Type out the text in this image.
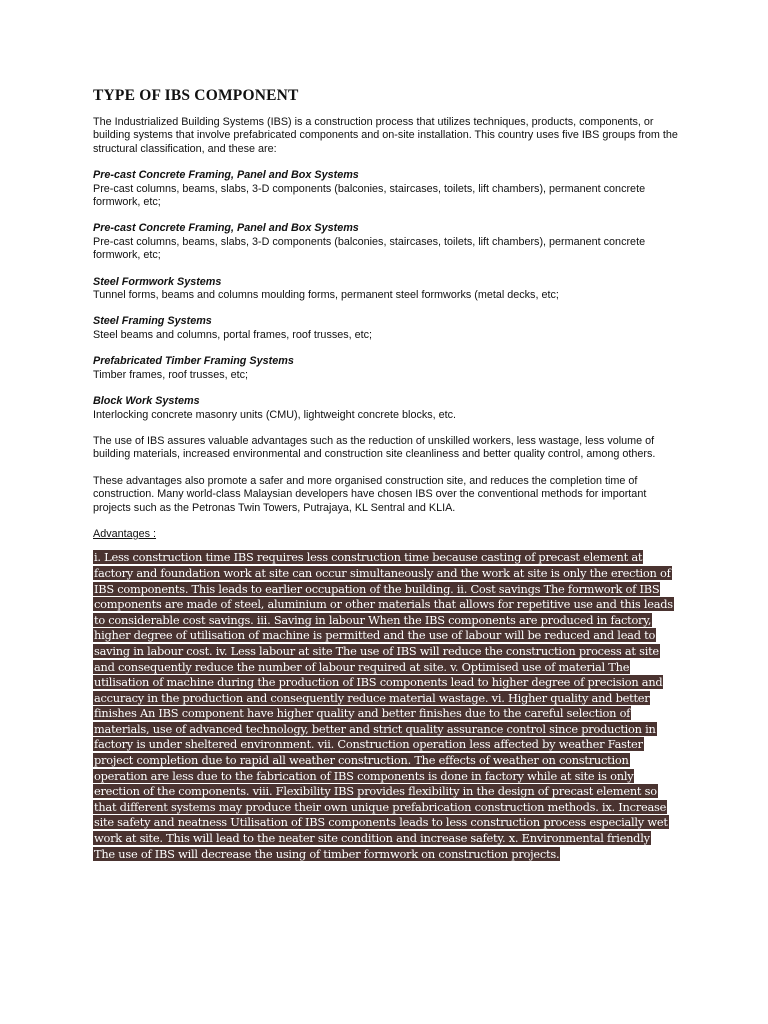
TYPE OF IBS COMPONENT

The Industrialized Building Systems (IBS) is a construction process that utilizes techniques, products, components, or building systems that involve prefabricated components and on-site installation. This country uses five IBS groups from the structural classification, and these are:

Pre-cast Concrete Framing, Panel and Box Systems
Pre-cast columns, beams, slabs, 3-D components (balconies, staircases, toilets, lift chambers), permanent concrete formwork, etc;
Pre-cast Concrete Framing, Panel and Box Systems
Pre-cast columns, beams, slabs, 3-D components (balconies, staircases, toilets, lift chambers), permanent concrete formwork, etc;
Steel Formwork Systems
Tunnel forms, beams and columns moulding forms, permanent steel formworks (metal decks, etc;
Steel Framing Systems
Steel beams and columns, portal frames, roof trusses, etc;
Prefabricated Timber Framing Systems
Timber frames, roof trusses, etc;
Block Work Systems
Interlocking concrete masonry units (CMU), lightweight concrete blocks, etc.

The use of IBS assures valuable advantages such as the reduction of unskilled workers, less wastage, less volume of building materials, increased environmental and construction site cleanliness and better quality control, among others.

These advantages also promote a safer and more organised construction site, and reduces the completion time of construction. Many world-class Malaysian developers have chosen IBS over the conventional methods for important projects such as the Petronas Twin Towers, Putrajaya, KL Sentral and KLIA.

Advantages :
i. Less construction time IBS requires less construction time because casting of precast element at factory and foundation work at site can occur simultaneously and the work at site is only the erection of IBS components. This leads to earlier occupation of the building. ii. Cost savings The formwork of IBS components are made of steel, aluminium or other materials that allows for repetitive use and this leads to considerable cost savings. iii. Saving in labour When the IBS components are produced in factory, higher degree of utilisation of machine is permitted and the use of labour will be reduced and lead to saving in labour cost. iv. Less labour at site The use of IBS will reduce the construction process at site and consequently reduce the number of labour required at site. v. Optimised use of material The utilisation of machine during the production of IBS components lead to higher degree of precision and accuracy in the production and consequently reduce material wastage. vi. Higher quality and better finishes An IBS component have higher quality and better finishes due to the careful selection of materials, use of advanced technology, better and strict quality assurance control since production in factory is under sheltered environment. vii. Construction operation less affected by weather Faster project completion due to rapid all weather construction. The effects of weather on construction operation are less due to the fabrication of IBS components is done in factory while at site is only erection of the components. viii. Flexibility IBS provides flexibility in the design of precast element so that different systems may produce their own unique prefabrication construction methods. ix. Increase site safety and neatness Utilisation of IBS components leads to less construction process especially wet work at site. This will lead to the neater site condition and increase safety. x. Environmental friendly The use of IBS will decrease the using of timber formwork on construction projects.
